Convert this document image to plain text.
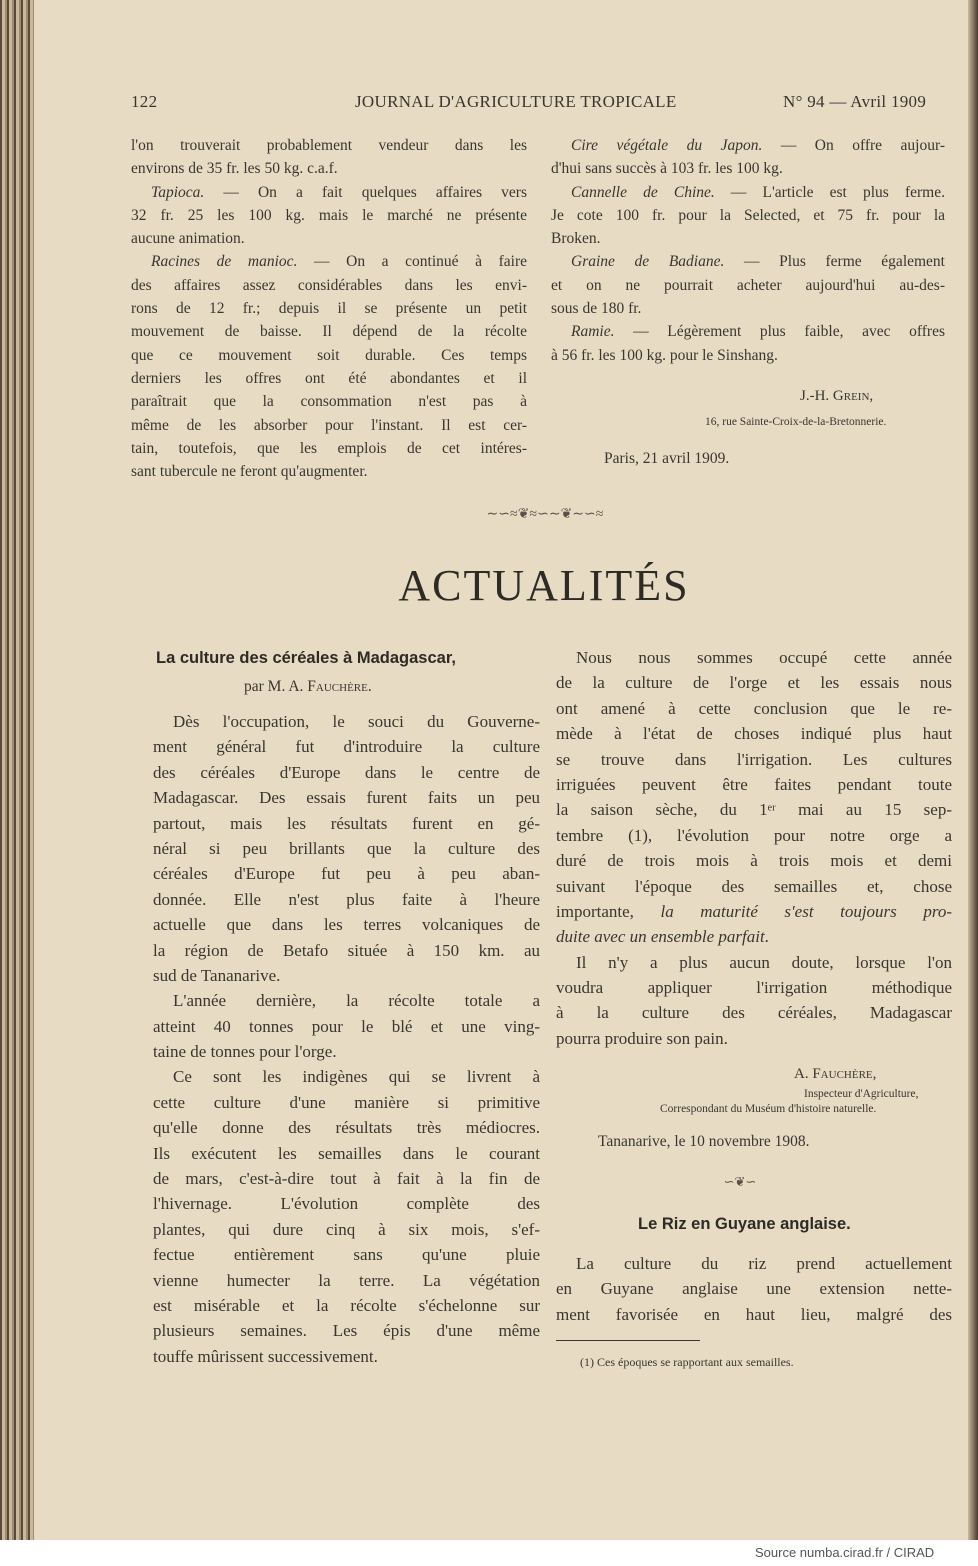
122	JOURNAL D'AGRICULTURE TROPICALE	N° 94 — Avril 1909
l'on trouverait probablement vendeur dans les
environs de 35 fr. les 50 kg. c.a.f.
Tapioca. — On a fait quelques affaires vers
32 fr. 25 les 100 kg. mais le marché ne présente
aucune animation.
Racines de manioc. — On a continué à faire
des affaires assez considérables dans les envi-
rons de 12 fr.; depuis il se présente un petit
mouvement de baisse. Il dépend de la récolte
que ce mouvement soit durable. Ces temps
derniers les offres ont été abondantes et il
paraîtrait que la consommation n'est pas à
même de les absorber pour l'instant. Il est cer-
tain, toutefois, que les emplois de cet intéres-
sant tubercule ne feront qu'augmenter.
Cire végétale du Japon. — On offre aujour-
d'hui sans succès à 103 fr. les 100 kg.
Cannelle de Chine. — L'article est plus ferme.
Je cote 100 fr. pour la Selected, et 75 fr. pour la
Broken.
Graine de Badiane. — Plus ferme également
et on ne pourrait acheter aujourd'hui au-des-
sous de 180 fr.
Ramie. — Légèrement plus faible, avec offres
à 56 fr. les 100 kg. pour le Sinshang.
J.-H. Grein,
16, rue Sainte-Croix-de-la-Bretonnerie.
Paris, 21 avril 1909.
∼∽≈❦≈∽∼❦∼∽≈
ACTUALITÉS
La culture des céréales à Madagascar,
par M. A. Fauchère.
Dès l'occupation, le souci du Gouverne-
ment général fut d'introduire la culture
des céréales d'Europe dans le centre de
Madagascar. Des essais furent faits un peu
partout, mais les résultats furent en gé-
néral si peu brillants que la culture des
céréales d'Europe fut peu à peu aban-
donnée. Elle n'est plus faite à l'heure
actuelle que dans les terres volcaniques de
la région de Betafo située à 150 km. au
sud de Tananarive.
L'année dernière, la récolte totale a
atteint 40 tonnes pour le blé et une ving-
taine de tonnes pour l'orge.
Ce sont les indigènes qui se livrent à
cette culture d'une manière si primitive
qu'elle donne des résultats très médiocres.
Ils exécutent les semailles dans le courant
de mars, c'est-à-dire tout à fait à la fin de
l'hivernage. L'évolution complète des
plantes, qui dure cinq à six mois, s'ef-
fectue entièrement sans qu'une pluie
vienne humecter la terre. La végétation
est misérable et la récolte s'échelonne sur
plusieurs semaines. Les épis d'une même
touffe mûrissent successivement.
Nous nous sommes occupé cette année
de la culture de l'orge et les essais nous
ont amené à cette conclusion que le re-
mède à l'état de choses indiqué plus haut
se trouve dans l'irrigation. Les cultures
irriguées peuvent être faites pendant toute
la saison sèche, du 1ᵉʳ mai au 15 sep-
tembre (1), l'évolution pour notre orge a
duré de trois mois à trois mois et demi
suivant l'époque des semailles et, chose
importante, la maturité s'est toujours pro-
duite avec un ensemble parfait.
Il n'y a plus aucun doute, lorsque l'on
voudra appliquer l'irrigation méthodique
à la culture des céréales, Madagascar
pourra produire son pain.
A. Fauchère,
Inspecteur d'Agriculture,
Correspondant du Muséum d'histoire naturelle.
Tananarive, le 10 novembre 1908.
∽❦∽
Le Riz en Guyane anglaise.
La culture du riz prend actuellement
en Guyane anglaise une extension nette-
ment favorisée en haut lieu, malgré des
(1) Ces époques se rapportant aux semailles.
Source numba.cirad.fr / CIRAD
